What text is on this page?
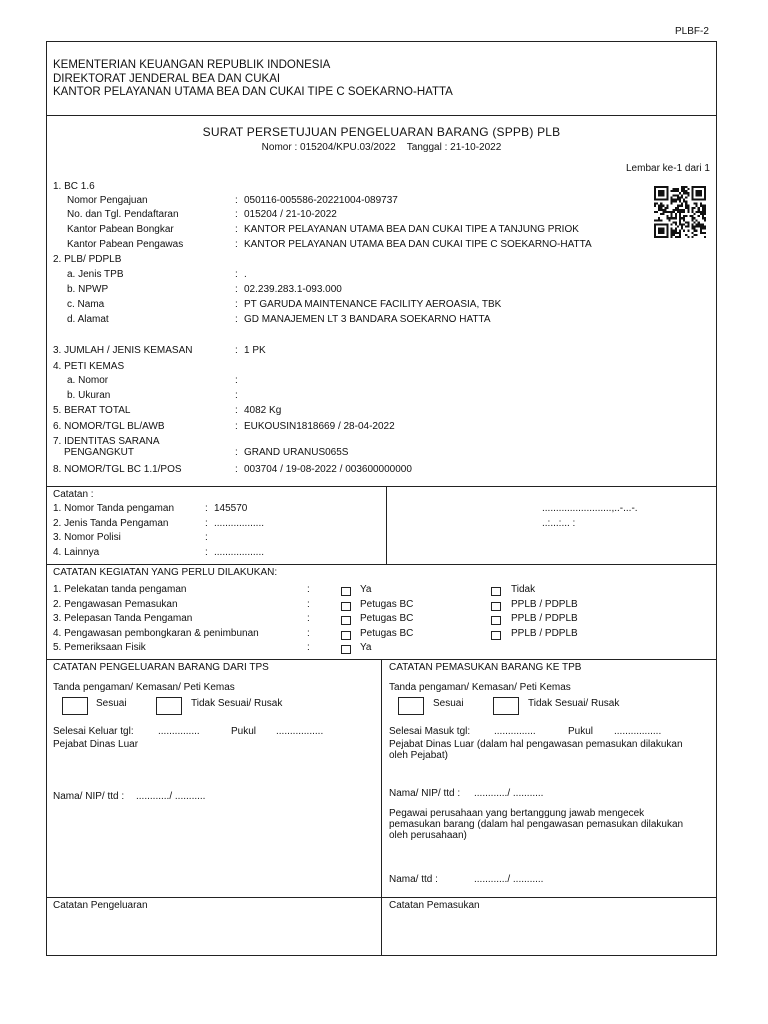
PLBF-2
KEMENTERIAN KEUANGAN REPUBLIK INDONESIA
DIREKTORAT JENDERAL BEA DAN CUKAI
KANTOR PELAYANAN UTAMA BEA DAN CUKAI TIPE C SOEKARNO-HATTA
SURAT PERSETUJUAN PENGELUARAN BARANG (SPPB) PLB
Nomor : 015204/KPU.03/2022 Tanggal : 21-10-2022
Lembar ke-1 dari 1
1. BC 1.6
Nomor Pengajuan	: 050116-005586-20221004-089737
No. dan Tgl. Pendaftaran	: 015204 / 21-10-2022
Kantor Pabean Bongkar	: KANTOR PELAYANAN UTAMA BEA DAN CUKAI TIPE A TANJUNG PRIOK
Kantor Pabean Pengawas	: KANTOR PELAYANAN UTAMA BEA DAN CUKAI TIPE C SOEKARNO-HATTA
2. PLB/ PDPLB
a. Jenis TPB	: .
b. NPWP	: 02.239.283.1-093.000
c. Nama	: PT GARUDA MAINTENANCE FACILITY AEROASIA, TBK
d. Alamat	: GD MANAJEMEN LT 3 BANDARA SOEKARNO HATTA
3. JUMLAH / JENIS KEMASAN	: 1 PK
4. PETI KEMAS
a. Nomor	:
b. Ukuran	:
5. BERAT TOTAL	: 4082 Kg
6. NOMOR/TGL BL/AWB	: EUKOUSIN1818669 / 28-04-2022
7. IDENTITAS SARANA
PENGANGKUT	: GRAND URANUS065S
8. NOMOR/TGL BC 1.1/POS	: 003704 / 19-08-2022 / 003600000000
Catatan :
1. Nomor Tanda pengaman	: 145570
2. Jenis Tanda Pengaman	: ..................
3. Nomor Polisi	:
4. Lainnya	: ..................
.........................,..-...-.
..:...:... :
CATATAN KEGIATAN YANG PERLU DILAKUKAN:
1. Pelekatan tanda pengaman	:	Ya	Tidak
2. Pengawasan Pemasukan	:	Petugas BC	PPLB / PDPLB
3. Pelepasan Tanda Pengaman	:	Petugas BC	PPLB / PDPLB
4. Pengawasan pembongkaran & penimbunan	:	Petugas BC	PPLB / PDPLB
5. Pemeriksaan Fisik	:	Ya
CATATAN PENGELUARAN BARANG DARI TPS
Tanda pengaman/ Kemasan/ Peti Kemas
Sesuai	Tidak Sesuai/ Rusak
Selesai Keluar tgl: ...............	Pukul .................
Pejabat Dinas Luar
Nama/ NIP/ ttd : ............/ ...........
Catatan Pengeluaran
CATATAN PEMASUKAN BARANG KE TPB
Tanda pengaman/ Kemasan/ Peti Kemas
Sesuai	Tidak Sesuai/ Rusak
Selesai Masuk tgl: ...............	Pukul .................
Pejabat Dinas Luar (dalam hal pengawasan pemasukan dilakukan
oleh Pejabat)
Nama/ NIP/ ttd : ............/ ...........
Pegawai perusahaan yang bertanggung jawab mengecek
pemasukan barang (dalam hal pengawasan pemasukan dilakukan
oleh perusahaan)
Nama/ ttd :	............/ ...........
Catatan Pemasukan
